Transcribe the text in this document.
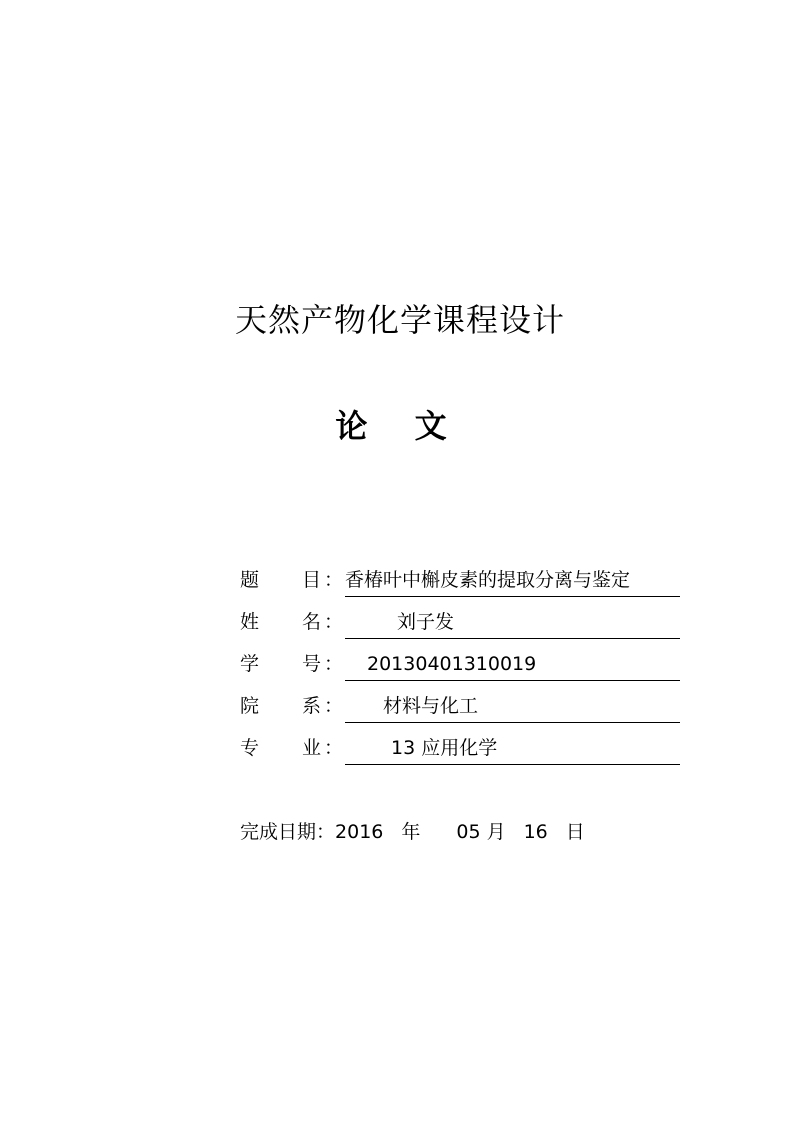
天然产物化学课程设计
论 文
题 目 ： 香椿叶中槲皮素的提取分离与鉴定
姓 名 ：	刘子发
学 号 ：	20130401310019
院 系 ：	材料与化工
专 业 ：	13 应用化学
完成日期：2016 年 05 月 16 日
